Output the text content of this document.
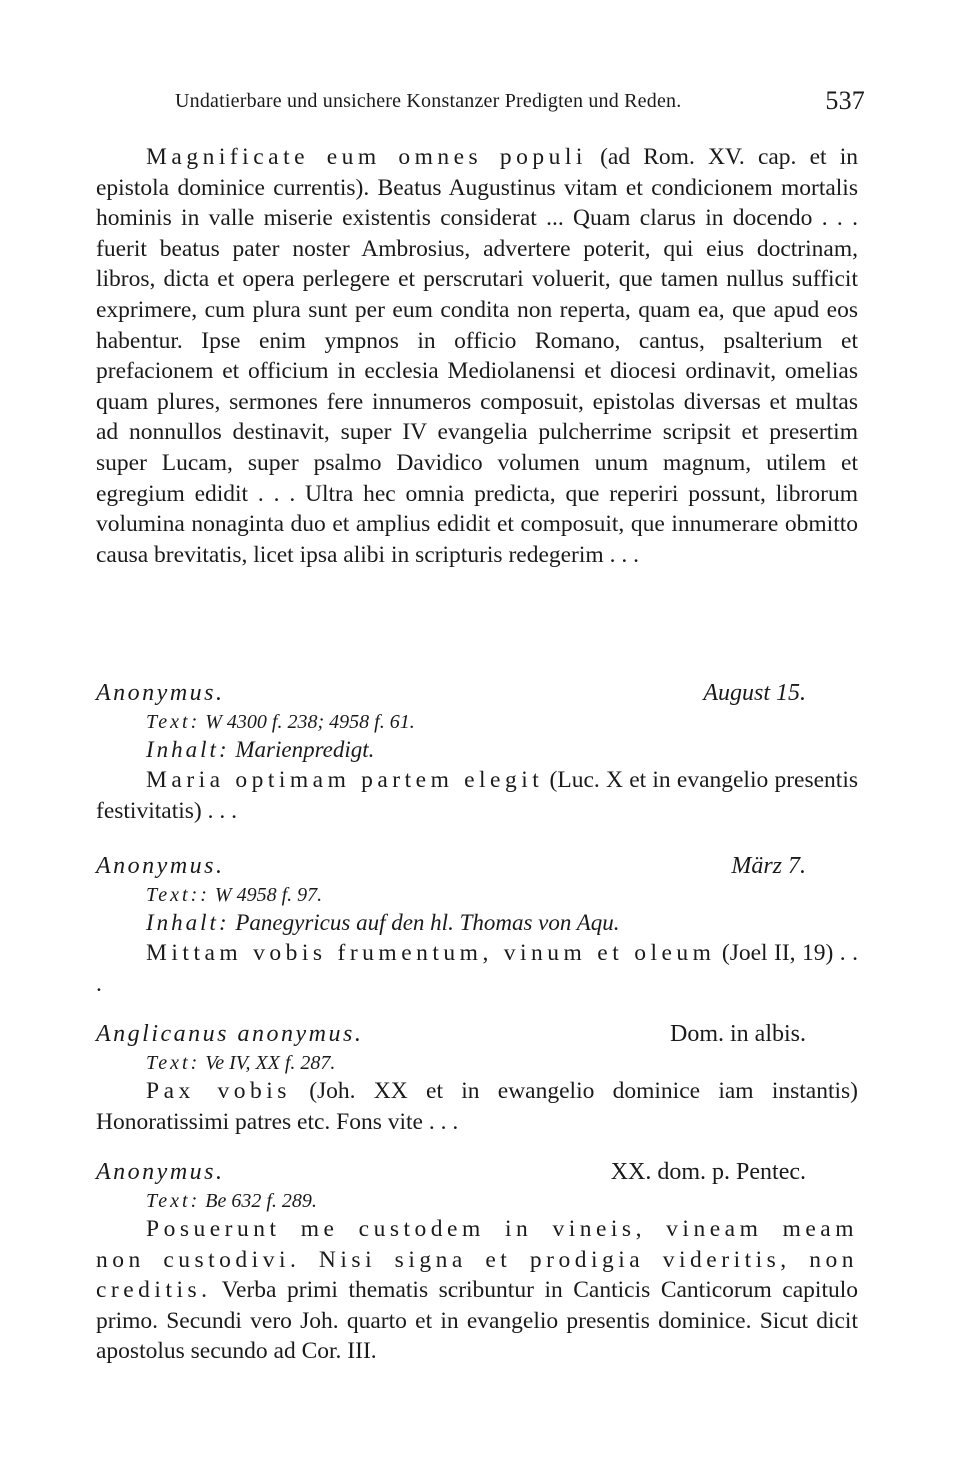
Undatierbare und unsichere Konstanzer Predigten und Reden.	537
Magnificate eum omnes populi (ad Rom. XV. cap. et in epistola dominice currentis). Beatus Augustinus vitam et condicionem mortalis hominis in valle miserie existentis considerat ... Quam clarus in docendo . . . fuerit beatus pater noster Ambrosius, advertere poterit, qui eius doctrinam, libros, dicta et opera perlegere et perscrutari voluerit, que tamen nullus sufficit exprimere, cum plura sunt per eum condita non reperta, quam ea, que apud eos habentur. Ipse enim ympnos in officio Romano, cantus, psalterium et prefacionem et officium in ecclesia Mediolanensi et diocesi ordinavit, omelias quam plures, sermones fere innumeros composuit, epistolas diversas et multas ad nonnullos destinavit, super IV evangelia pulcherrime scripsit et presertim super Lucam, super psalmo Davidico volumen unum magnum, utilem et egregium edidit . . . Ultra hec omnia predicta, que reperiri possunt, librorum volumina nonaginta duo et amplius edidit et composuit, que innumerare obmitto causa brevitatis, licet ipsa alibi in scripturis redegerim . . .
Anonymus.	August 15.
Text: W 4300 f. 238; 4958 f. 61.
Inhalt: Marienpredigt.
Maria optimam partem elegit (Luc. X et in evangelio presentis festivitatis) . . .
Anonymus.	März 7.
Text:: W 4958 f. 97.
Inhalt: Panegyricus auf den hl. Thomas von Aqu.
Mittam vobis frumentum, vinum et oleum (Joel II, 19) . . .
Anglicanus anonymus.	Dom. in albis.
Text: Ve IV, XX f. 287.
Pax vobis (Joh. XX et in ewangelio dominice iam instantis) Honoratissimi patres etc. Fons vite . . .
Anonymus.	XX. dom. p. Pentec.
Text: Be 632 f. 289.
Posuerunt me custodem in vineis, vineam meam non custodivi. Nisi signa et prodigia videritis, non creditis. Verba primi thematis scribuntur in Canticis Canticorum capitulo primo. Secundi vero Joh. quarto et in evangelio presentis dominice. Sicut dicit apostolus secundo ad Cor. III.
